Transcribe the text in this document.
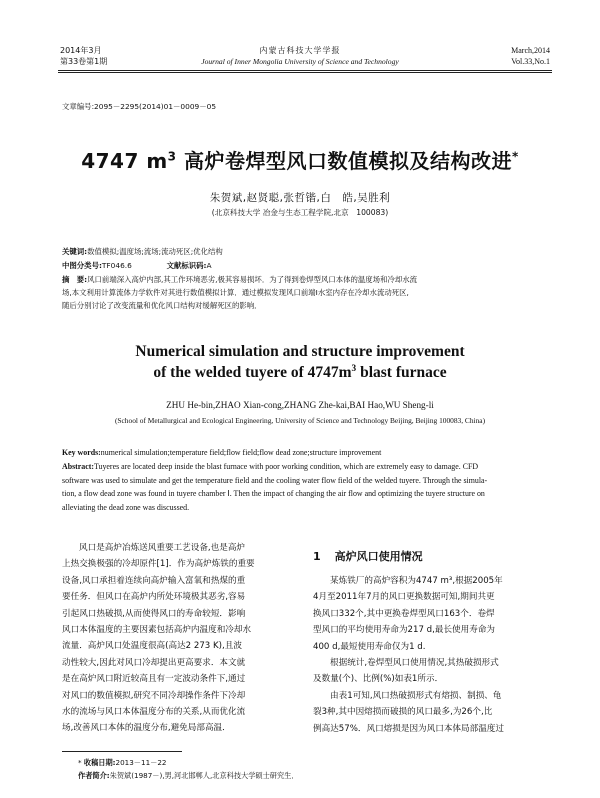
2014年3月
第33卷第1期
内蒙古科技大学学报
Journal of Inner Mongolia University of Science and Technology
March,2014
Vol.33,No.1
文章编号:2095－2295(2014)01－0009－05
4747 $m^3$ 高炉卷焊型风口数值模拟及结构改进*
朱贺斌,赵贤聪,张哲锴,白　皓,吴胜利
(北京科技大学 冶金与生态工程学院,北京　100083)
关键词:数值模拟;温度场;流场;流动死区;优化结构
中图分类号:TF046.6	文献标识码:A
摘　要:风口前端深入高炉内部,其工作环境恶劣,极其容易损坏．为了得到卷焊型风口本体的温度场和冷却水流
场,本文利用计算流体力学软件对其进行数值模拟计算．通过模拟发现风口前端Ⅰ水室内存在冷却水流动死区,
随后分别讨论了改变流量和优化风口结构对缓解死区的影响．
Numerical simulation and structure improvement
of the welded tuyere of $4747m^3$ blast furnace
ZHU He-bin,ZHAO Xian-cong,ZHANG Zhe-kai,BAI Hao,WU Sheng-li
(School of Metallurgical and Ecological Engineering, University of Science and Technology Beijing, Beijing 100083, China)
Key words:numerical simulation;temperature field;flow field;flow dead zone;structure improvement
Abstract:Tuyeres are located deep inside the blast furnace with poor working condition, which are extremely easy to damage. CFD
software was used to simulate and get the temperature field and the cooling water flow field of the welded tuyere. Through the simula-
tion, a flow dead zone was found in tuyere chamber Ⅰ. Then the impact of changing the air flow and optimizing the tuyere structure on
alleviating the dead zone was discussed.
风口是高炉冶炼送风重要工艺设备,也是高炉
上热交换极强的冷却原件[1]．作为高炉炼铁的重要
设备,风口承担着连续向高炉输入富氧和热煤的重
要任务．但风口在高炉内所处环境极其恶劣,容易
引起风口热破损,从而使得风口的寿命较短．影响
风口本体温度的主要因素包括高炉内温度和冷却水
流量．高炉风口处温度很高(高达2 273 K),且波
动性较大,因此对风口冷却提出更高要求．本文就
是在高炉风口附近较高且有一定波动条件下,通过
对风口的数值模拟,研究不同冷却操作条件下冷却
水的流场与风口本体温度分布的关系,从而优化流
场,改善风口本体的温度分布,避免局部高温．
1 高炉风口使用情况
某炼铁厂的高炉容积为4747 m³,根据2005年
4月至2011年7月的风口更换数据可知,期间共更
换风口332个,其中更换卷焊型风口163个．卷焊
型风口的平均使用寿命为217 d,最长使用寿命为
400 d,最短使用寿命仅为1 d.
根据统计,卷焊型风口使用情况,其热破损形式
及数量(个)、比例(%)如表1所示．
由表1可知,风口热破损形式有熔损、制损、龟
裂3种,其中因熔损而破损的风口最多,为26个,比
例高达57%．风口熔损是因为风口本体局部温度过
* 收稿日期:2013－11－22
作者简介:朱贺斌(1987－),男,河北邯郸人,北京科技大学硕士研究生．
